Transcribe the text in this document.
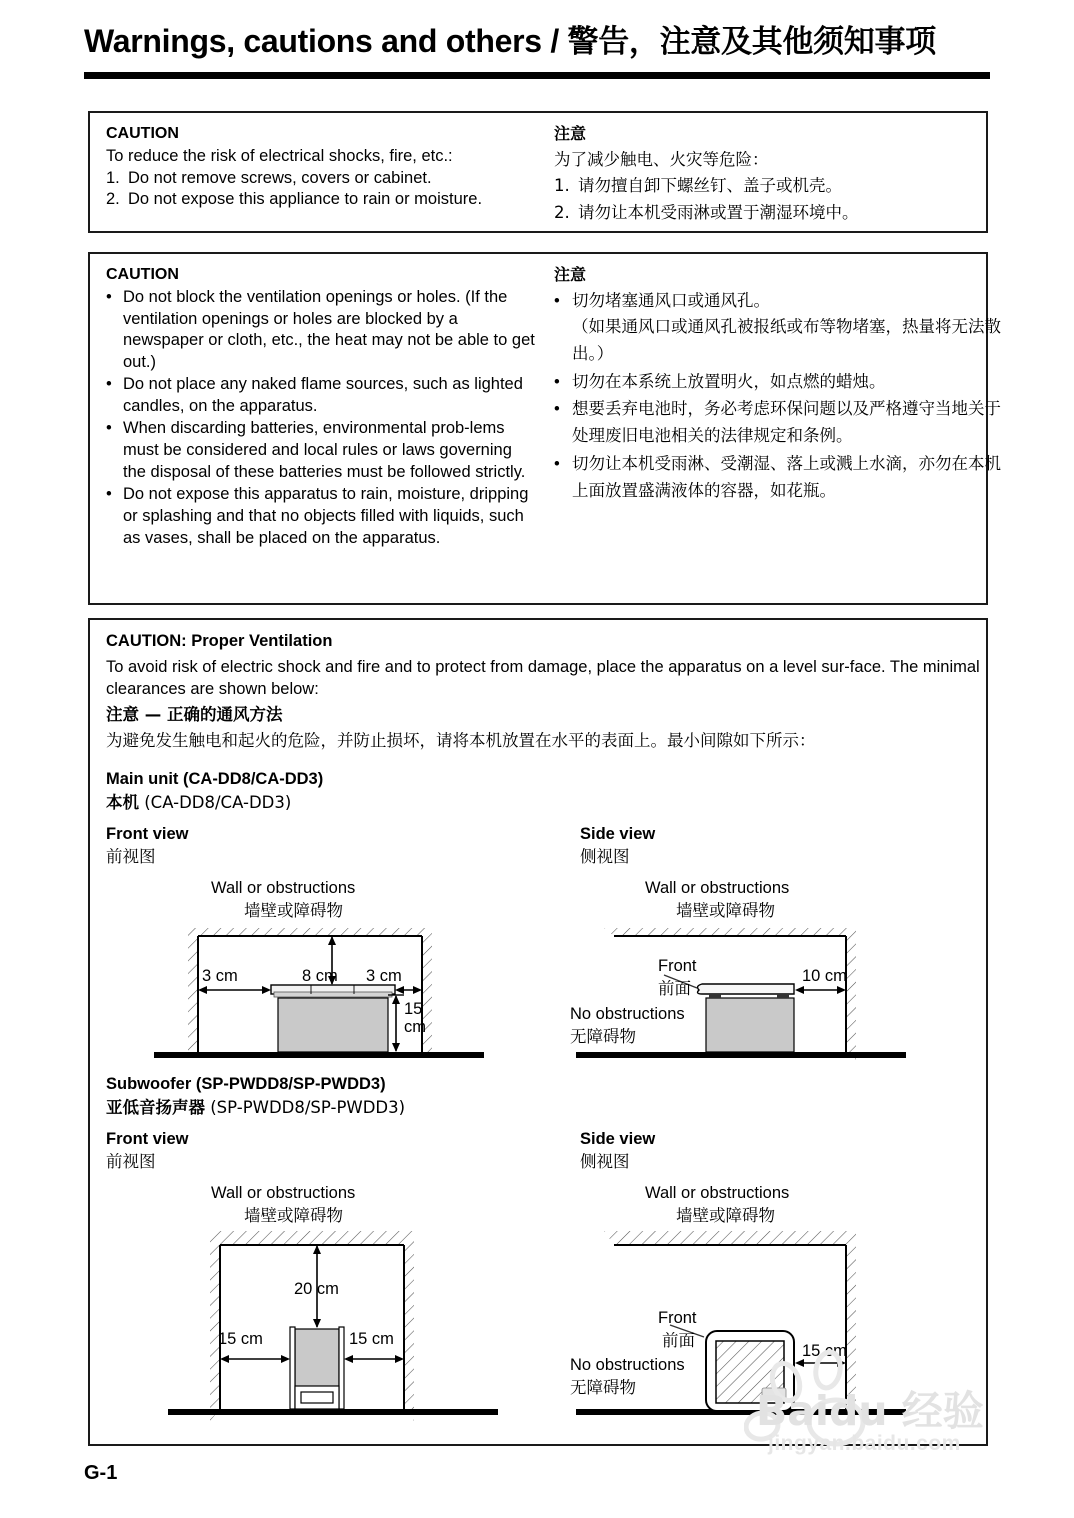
Warnings, cautions and others / 警告，注意及其他须知事项
CAUTION
To reduce the risk of electrical shocks, fire, etc.:
1. Do not remove screws, covers or cabinet.
2. Do not expose this appliance to rain or moisture.
注意
为了减少触电、火灾等危险：
1. 请勿擅自卸下螺丝钉、盖子或机壳。
2. 请勿让本机受雨淋或置于潮湿环境中。
CAUTION
• Do not block the ventilation openings or holes. (If the ventilation openings or holes are blocked by a newspaper or cloth, etc., the heat may not be able to get out.)
• Do not place any naked flame sources, such as lighted candles, on the apparatus.
• When discarding batteries, environmental prob-lems must be considered and local rules or laws governing the disposal of these batteries must be followed strictly.
• Do not expose this apparatus to rain, moisture, dripping or splashing and that no objects filled with liquids, such as vases, shall be placed on the apparatus.
注意
• 切勿堵塞通风口或通风孔。
（如果通风口或通风孔被报纸或布等物堵塞，热量将无法散出。）
• 切勿在本系统上放置明火，如点燃的蜡烛。
• 想要丢弃电池时，务必考虑环保问题以及严格遵守当地关于处理废旧电池相关的法律规定和条例。
• 切勿让本机受雨淋、受潮湿、落上或溅上水滴，亦勿在本机上面放置盛满液体的容器，如花瓶。
CAUTION: Proper Ventilation
To avoid risk of electric shock and fire and to protect from damage, place the apparatus on a level sur-face. The minimal clearances are shown below:
注意 — 正确的通风方法
为避免发生触电和起火的危险，并防止损坏，请将本机放置在水平的表面上。最小间隙如下所示：
Main unit (CA-DD8/CA-DD3)
本机 (CA-DD8/CA-DD3)
Front view
前视图
Side view
侧视图
Wall or obstructions
墙壁或障碍物
8 cm
3 cm	3 cm
15
cm
Wall or obstructions
墙壁或障碍物
Front
前面
No obstructions
无障碍物
10 cm
Subwoofer (SP-PWDD8/SP-PWDD3)
亚低音扬声器 (SP-PWDD8/SP-PWDD3)
Front view
前视图
Side view
侧视图
Wall or obstructions
墙壁或障碍物
20 cm
15 cm	15 cm
Wall or obstructions
墙壁或障碍物
Front
前面
No obstructions
无障碍物
15 cm
Baidu 经验
jingyan.baidu.com
G-1
